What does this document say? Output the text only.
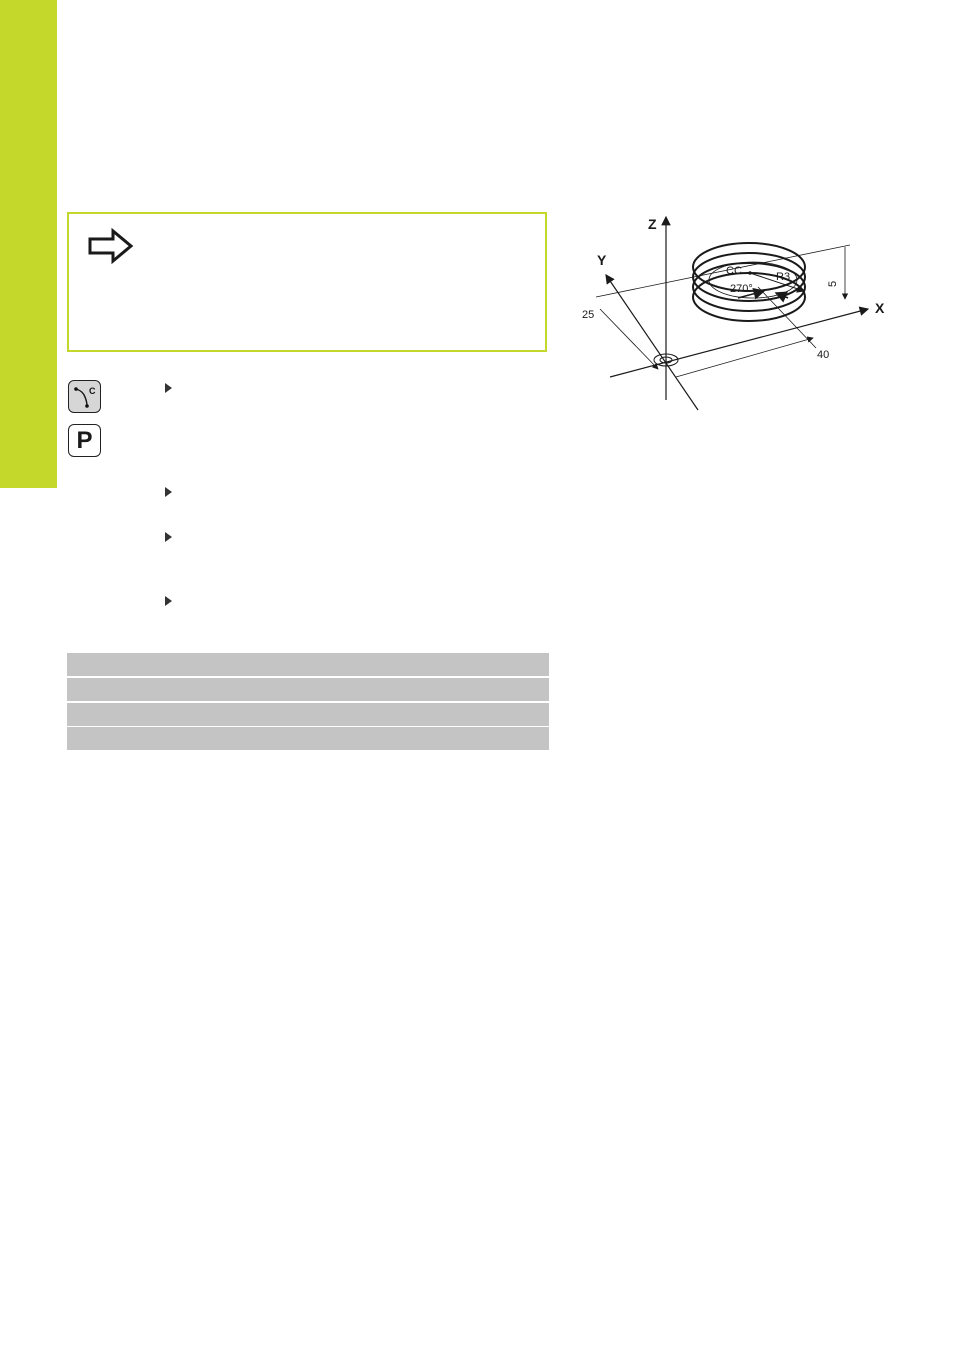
C
P
Z
Y
X
CC	R3
270°
25
40
5
